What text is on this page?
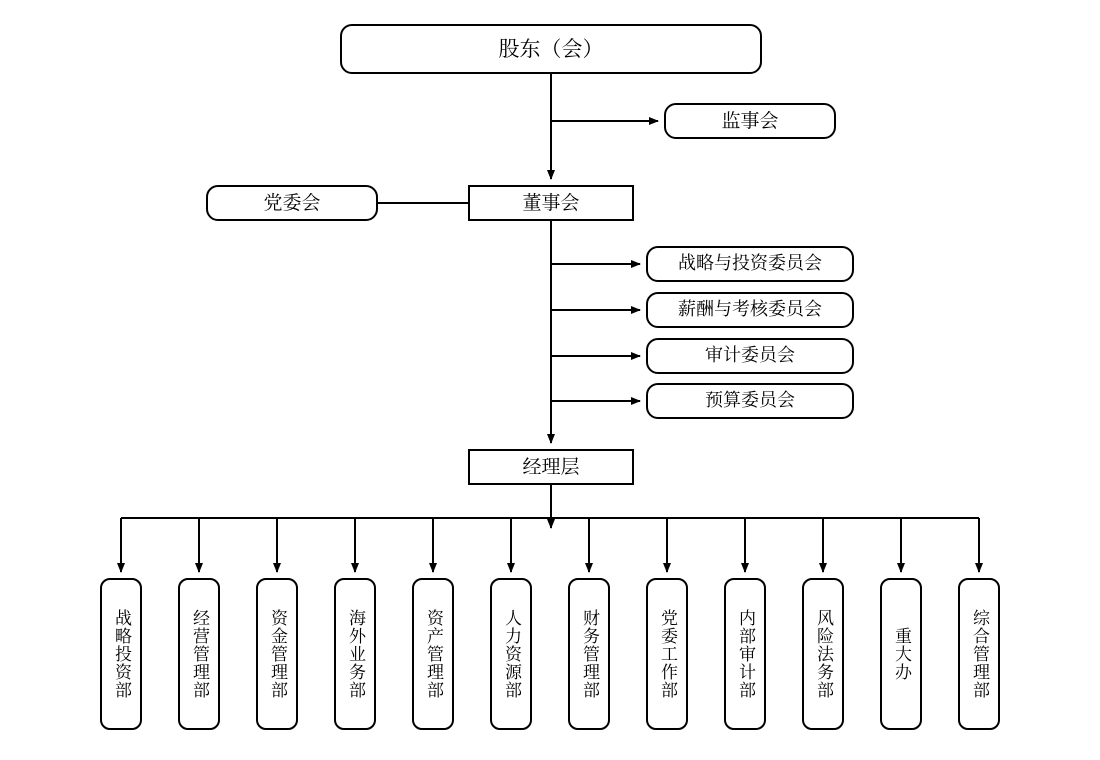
股东（会）
监事会
党委会	董事会
战略与投资委员会
薪酬与考核委员会
审计委员会
预算委员会
经理层
战略投资部	经营管理部	资金管理部	海外业务部	资产管理部	人力资源部	财务管理部	党委工作部	内部审计部	风险法务部	重大办	综合管理部
